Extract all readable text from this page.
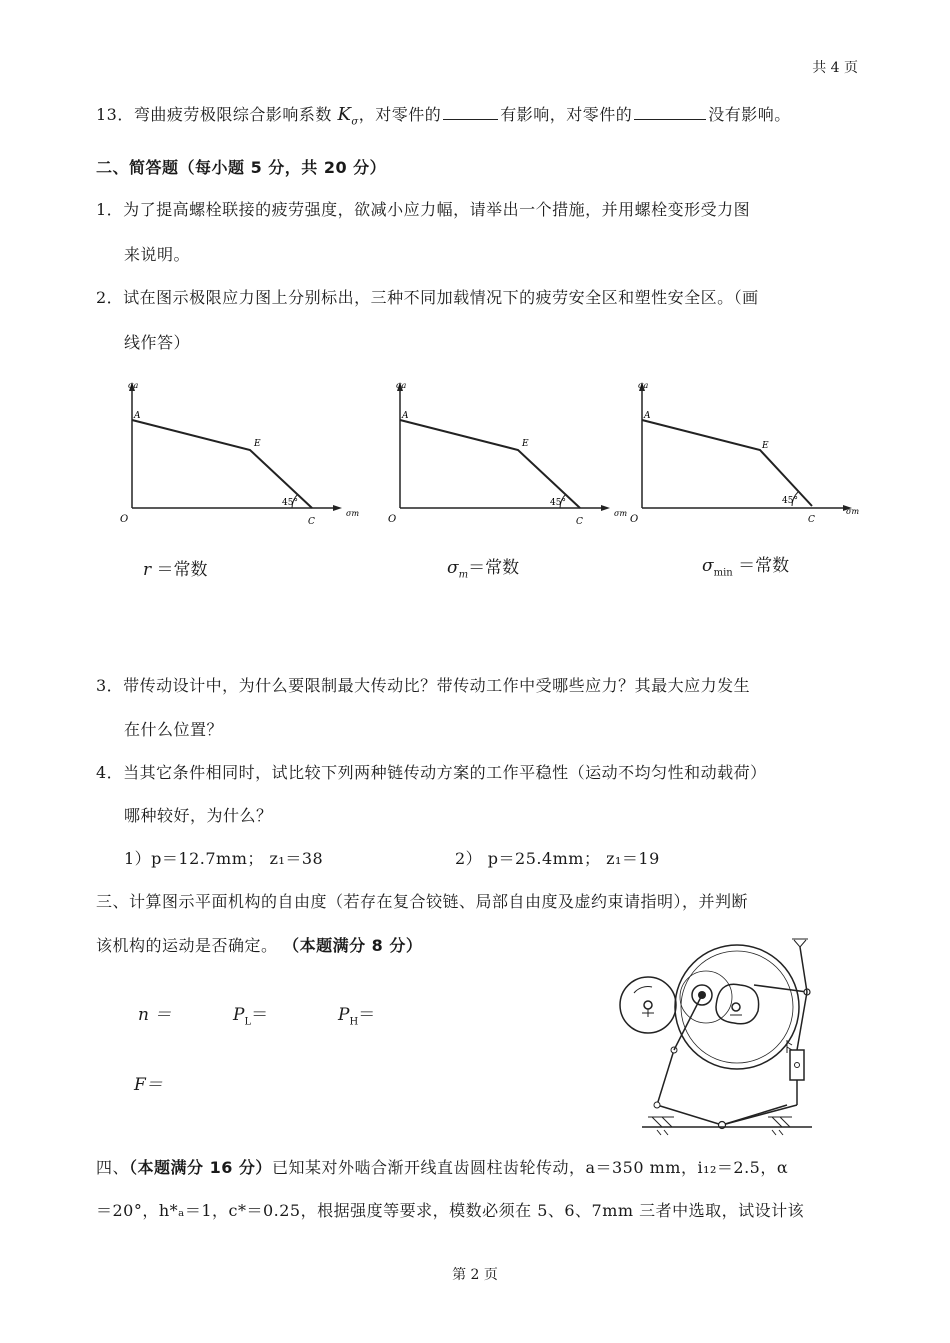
共 4 页
13．弯曲疲劳极限综合影响系数 $K_\sigma$，对零件的	有影响，对零件的	没有影响。
二、简答题（每小题 5 分，共 20 分）
1．为了提高螺栓联接的疲劳强度，欲减小应力幅，请举出一个措施，并用螺栓变形受力图
来说明。
2．试在图示极限应力图上分别标出，三种不同加载情况下的疲劳安全区和塑性安全区。（画
线作答）
σa
A
E
C
O
45°
σm
σa
A
E
C
O
45°
σm
σa
A
E
C
O
45°
σm
r ＝常数	$\sigma_m=$常数	$\sigma_{min}$ ＝常数
3．带传动设计中，为什么要限制最大传动比？带传动工作中受哪些应力？其最大应力发生
在什么位置？
4．当其它条件相同时，试比较下列两种链传动方案的工作平稳性（运动不均匀性和动载荷）
哪种较好，为什么？
1）p＝12.7mm； z₁＝38	2） p＝25.4mm； z₁＝19
三、计算图示平面机构的自由度（若存在复合铰链、局部自由度及虚约束请指明），并判断
该机构的运动是否确定。 （本题满分 8 分）
n ＝	$P_L=$	$P_H=$
F＝
四、（本题满分 16 分）已知某对外啮合渐开线直齿圆柱齿轮传动，a＝350 mm，i₁₂＝2.5，α
＝20°，h*ₐ＝1，c*＝0.25，根据强度等要求，模数必须在 5、6、7mm 三者中选取，试设计该
第 2 页
